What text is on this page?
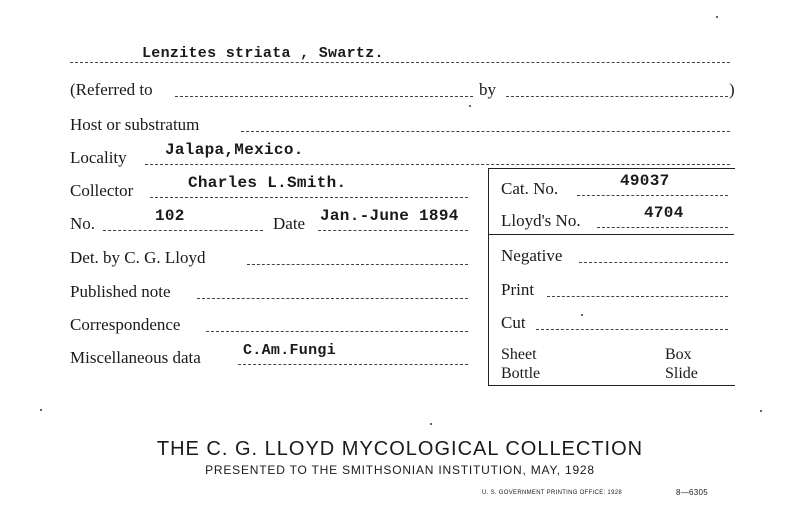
Lenzites striata , Swartz.
(Referred to	by	)
Host or substratum
Locality Jalapa,Mexico.
Collector	Charles L.Smith.
No.	102	Date Jan.-June 1894
Det. by C. G. Lloyd
Published note
Correspondence
Miscellaneous data	C.Am.Fungi
Cat. No.	49037
Lloyd's No.	4704
Negative
Print
Cut
Sheet	Box
Bottle	Slide
THE C. G. LLOYD MYCOLOGICAL COLLECTION
PRESENTED TO THE SMITHSONIAN INSTITUTION, MAY, 1928
U. S. GOVERNMENT PRINTING OFFICE: 1928	8—6305
